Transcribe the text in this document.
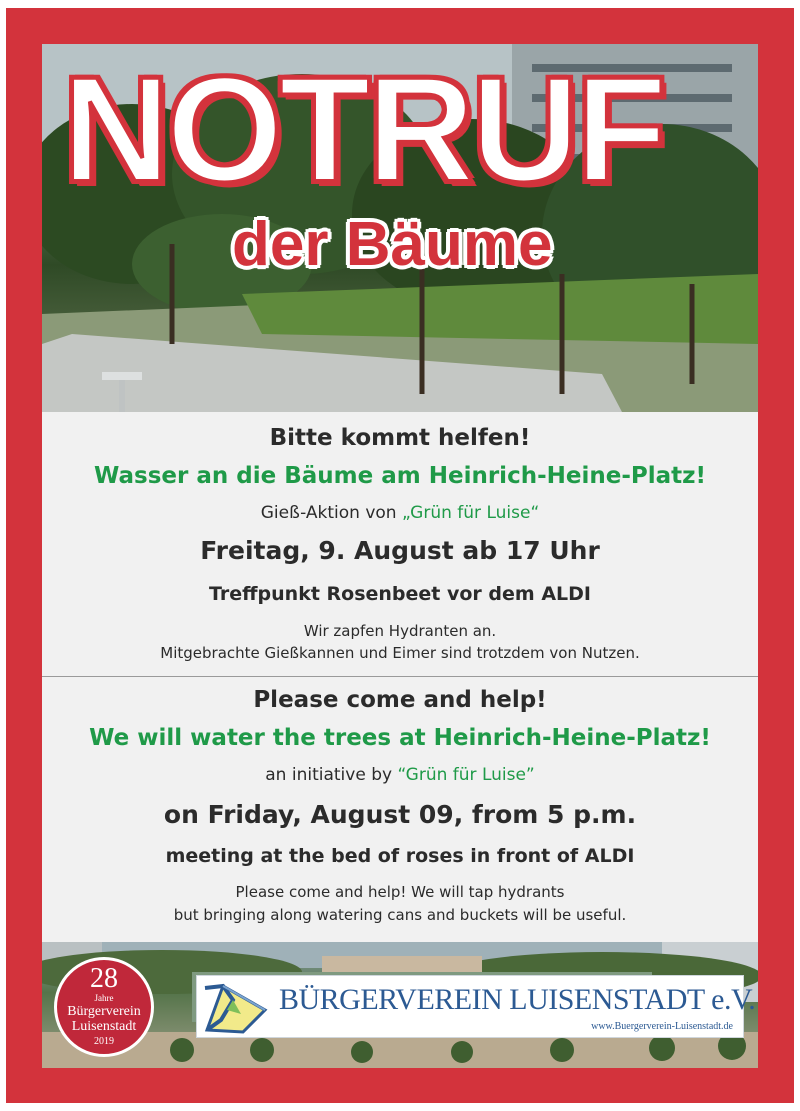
NOTRUF
der Bäume
Bitte kommt helfen!
Wasser an die Bäume am Heinrich-Heine-Platz!
Gieß-Aktion von „Grün für Luise“
Freitag, 9. August ab 17 Uhr
Treffpunkt Rosenbeet vor dem ALDI
Wir zapfen Hydranten an.
Mitgebrachte Gießkannen und Eimer sind trotzdem von Nutzen.
Please come and help!
We will water the trees at Heinrich-Heine-Platz!
an initiative by “Grün für Luise”
on Friday, August 09, from 5 p.m.
meeting at the bed of roses in front of ALDI
Please come and help! We will tap hydrants
but bringing along watering cans and buckets will be useful.
28
Jahre
Bürgerverein
Luisenstadt
2019
BÜRGERVEREIN LUISENSTADT e.V.
www.Buergerverein-Luisenstadt.de
